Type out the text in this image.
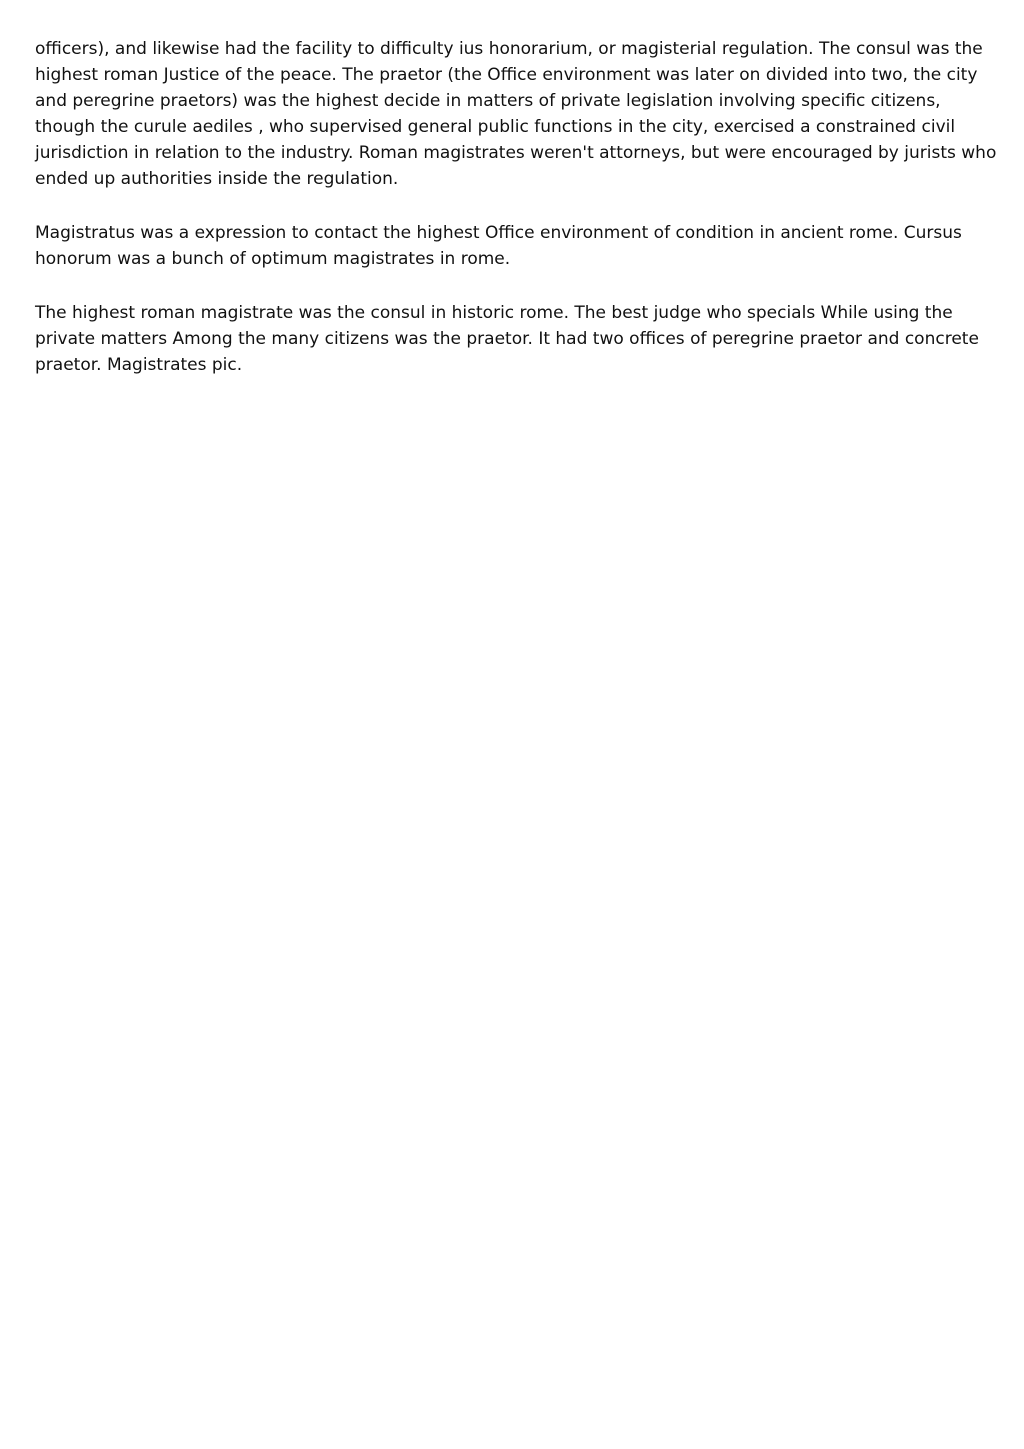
officers), and likewise had the facility to difficulty ius honorarium, or magisterial regulation. The consul was the highest roman Justice of the peace. The praetor (the Office environment was later on divided into two, the city and peregrine praetors) was the highest decide in matters of private legislation involving specific citizens, though the curule aediles , who supervised general public functions in the city, exercised a constrained civil jurisdiction in relation to the industry. Roman magistrates weren't attorneys, but were encouraged by jurists who ended up authorities inside the regulation.

Magistratus was a expression to contact the highest Office environment of condition in ancient rome. Cursus honorum was a bunch of optimum magistrates in rome.

The highest roman magistrate was the consul in historic rome. The best judge who specials While using the private matters Among the many citizens was the praetor. It had two offices of peregrine praetor and concrete praetor. Magistrates pic.
